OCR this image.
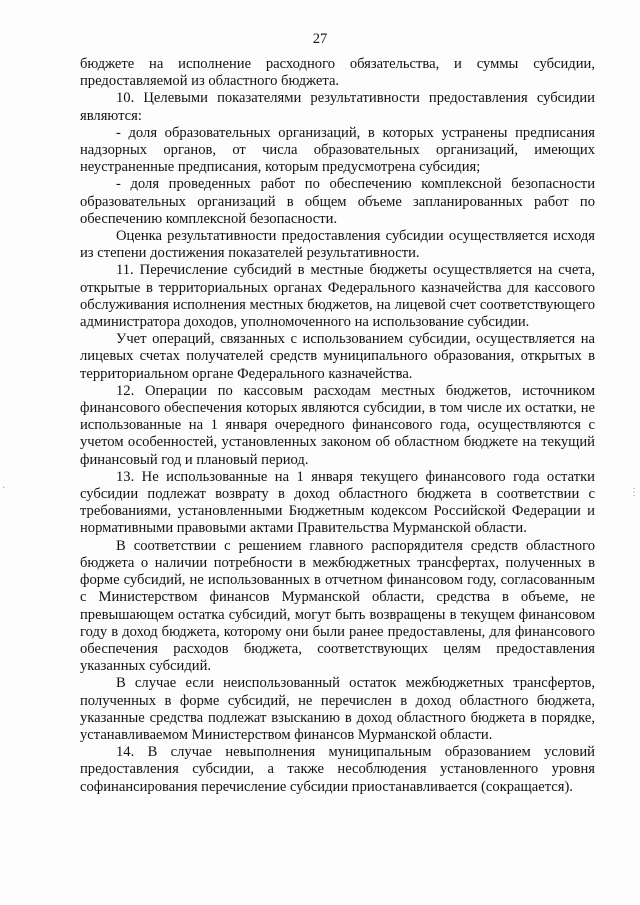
27

бюджете на исполнение расходного обязательства, и суммы субсидии, предоставляемой из областного бюджета.

10. Целевыми показателями результативности предоставления субсидии являются:

- доля образовательных организаций, в которых устранены предписания надзорных органов, от числа образовательных организаций, имеющих неустраненные предписания, которым предусмотрена субсидия;

- доля проведенных работ по обеспечению комплексной безопасности образовательных организаций в общем объеме запланированных работ по обеспечению комплексной безопасности.

Оценка результативности предоставления субсидии осуществляется исходя из степени достижения показателей результативности.

11. Перечисление субсидий в местные бюджеты осуществляется на счета, открытые в территориальных органах Федерального казначейства для кассового обслуживания исполнения местных бюджетов, на лицевой счет соответствующего администратора доходов, уполномоченного на использование субсидии.

Учет операций, связанных с использованием субсидии, осуществляется на лицевых счетах получателей средств муниципального образования, открытых в территориальном органе Федерального казначейства.

12. Операции по кассовым расходам местных бюджетов, источником финансового обеспечения которых являются субсидии, в том числе их остатки, не использованные на 1 января очередного финансового года, осуществляются с учетом особенностей, установленных законом об областном бюджете на текущий финансовый год и плановый период.

13. Не использованные на 1 января текущего финансового года остатки субсидии подлежат возврату в доход областного бюджета в соответствии с требованиями, установленными Бюджетным кодексом Российской Федерации и нормативными правовыми актами Правительства Мурманской области.

В соответствии с решением главного распорядителя средств областного бюджета о наличии потребности в межбюджетных трансфертах, полученных в форме субсидий, не использованных в отчетном финансовом году, согласованным с Министерством финансов Мурманской области, средства в объеме, не превышающем остатка субсидий, могут быть возвращены в текущем финансовом году в доход бюджета, которому они были ранее предоставлены, для финансового обеспечения расходов бюджета, соответствующих целям предоставления указанных субсидий.

В случае если неиспользованный остаток межбюджетных трансфертов, полученных в форме субсидий, не перечислен в доход областного бюджета, указанные средства подлежат взысканию в доход областного бюджета в порядке, устанавливаемом Министерством финансов Мурманской области.

14. В случае невыполнения муниципальным образованием условий предоставления субсидии, а также несоблюдения установленного уровня софинансирования перечисление субсидии приостанавливается (сокращается).

⋮
·
